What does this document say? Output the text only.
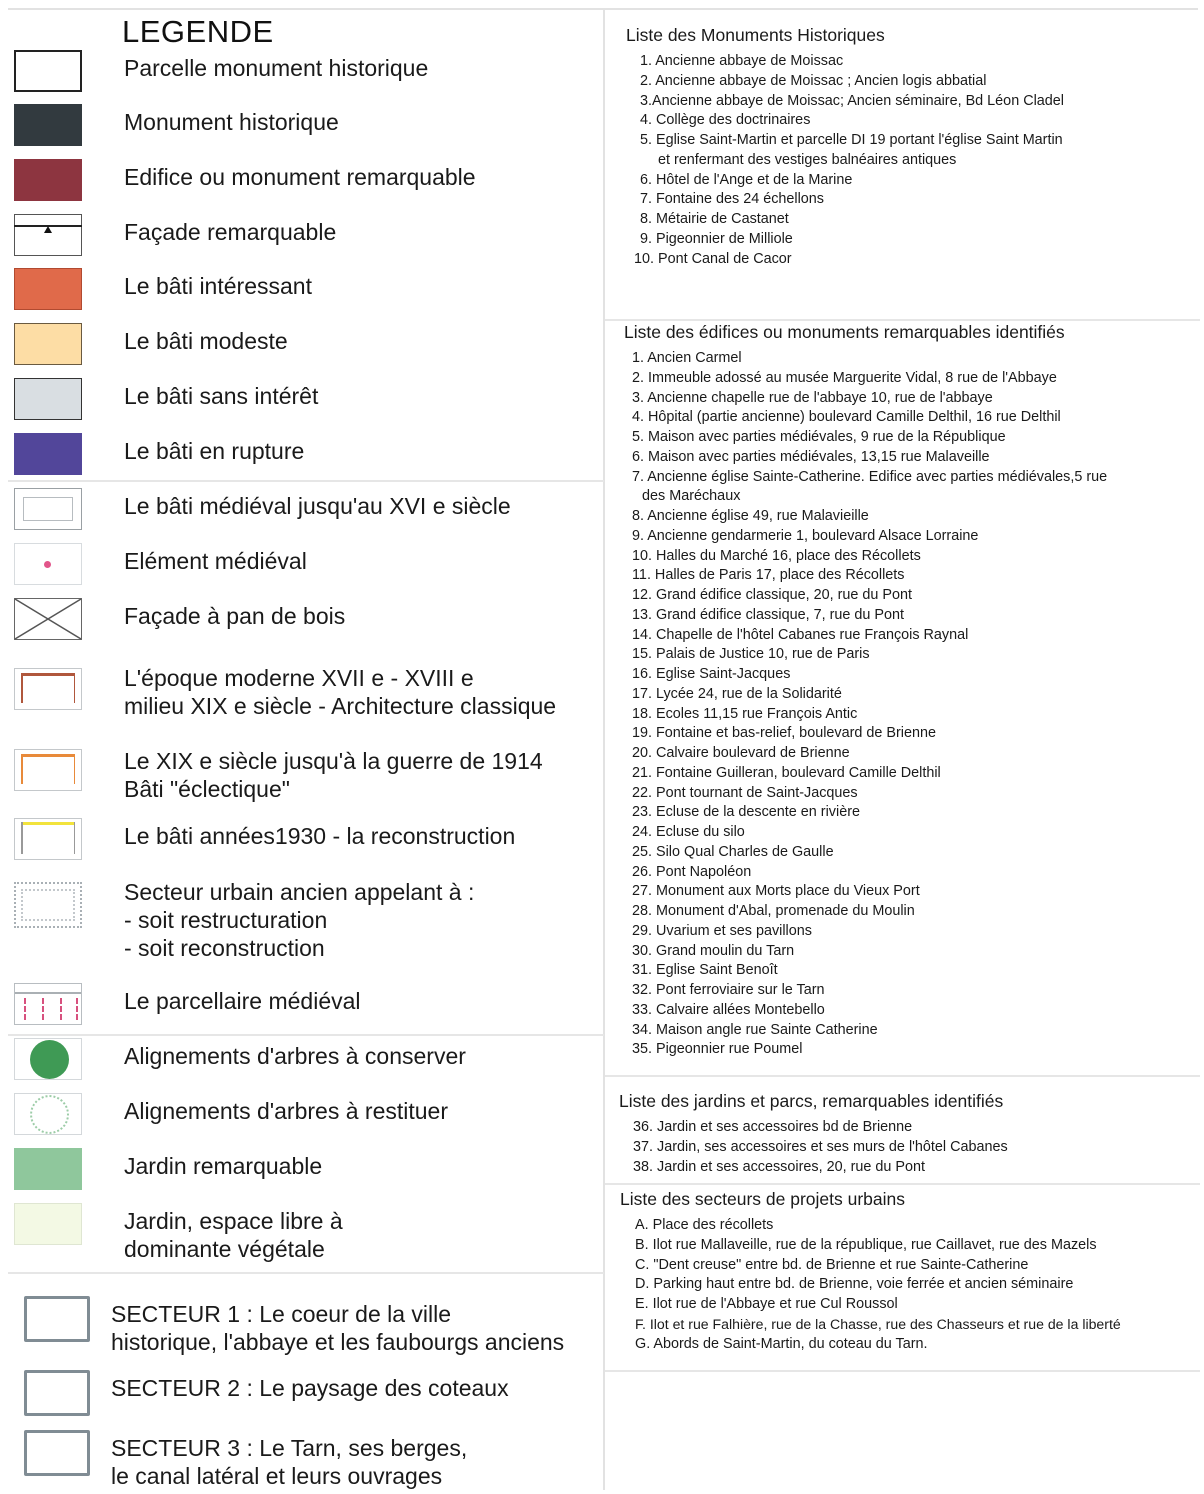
LEGENDE
Parcelle monument historique
Monument historique
Edifice ou monument remarquable
Façade remarquable
Le bâti intéressant
Le bâti modeste
Le bâti sans intérêt
Le bâti en rupture
Le bâti médiéval jusqu'au XVI e siècle
Elément médiéval
Façade à pan de bois
L'époque moderne XVII e - XVIII e
milieu XIX e siècle - Architecture classique
Le XIX e siècle jusqu'à la guerre de 1914
Bâti "éclectique"
Le bâti années1930 - la reconstruction
Secteur urbain ancien appelant à :
- soit restructuration
- soit reconstruction
Le parcellaire médiéval
Alignements d'arbres à conserver
Alignements d'arbres à restituer
Jardin remarquable
Jardin, espace libre à
dominante végétale
SECTEUR 1 : Le coeur de la ville
historique, l'abbaye et les faubourgs anciens
SECTEUR 2 : Le paysage des coteaux
SECTEUR 3 : Le Tarn, ses berges,
le canal latéral et leurs ouvrages
Liste des Monuments Historiques
1. Ancienne abbaye de Moissac
2. Ancienne abbaye de Moissac ; Ancien logis abbatial
3.Ancienne abbaye de Moissac; Ancien séminaire, Bd Léon Cladel
4. Collège des doctrinaires
5. Eglise Saint-Martin et parcelle DI 19 portant l'église Saint Martin
et renfermant des vestiges balnéaires antiques
6. Hôtel de l'Ange et de la Marine
7. Fontaine des 24 échellons
8. Métairie de Castanet
9. Pigeonnier de Milliole
10. Pont Canal de Cacor
Liste des édifices ou monuments remarquables identifiés
1. Ancien Carmel
2. Immeuble adossé au musée Marguerite Vidal, 8 rue de l'Abbaye
3. Ancienne chapelle rue de l'abbaye 10, rue de l'abbaye
4. Hôpital (partie ancienne) boulevard Camille Delthil, 16 rue Delthil
5. Maison avec parties médiévales, 9 rue de la République
6. Maison avec parties médiévales, 13,15 rue Malaveille
7. Ancienne église Sainte-Catherine. Edifice avec parties médiévales,5 rue
des Maréchaux
8. Ancienne église 49, rue Malavieille
9. Ancienne gendarmerie 1, boulevard Alsace Lorraine
10. Halles du Marché 16, place des Récollets
11. Halles de Paris 17, place des Récollets
12. Grand édifice classique, 20, rue du Pont
13. Grand édifice classique, 7, rue du Pont
14. Chapelle de l'hôtel Cabanes rue François Raynal
15. Palais de Justice 10, rue de Paris
16. Eglise Saint-Jacques
17. Lycée 24, rue de la Solidarité
18. Ecoles 11,15 rue François Antic
19. Fontaine et bas-relief, boulevard de Brienne
20. Calvaire boulevard de Brienne
21. Fontaine Guilleran, boulevard Camille Delthil
22. Pont tournant de Saint-Jacques
23. Ecluse de la descente en rivière
24. Ecluse du silo
25. Silo Qual Charles de Gaulle
26. Pont Napoléon
27. Monument aux Morts place du Vieux Port
28. Monument d'Abal, promenade du Moulin
29. Uvarium et ses pavillons
30. Grand moulin du Tarn
31. Eglise Saint Benoît
32. Pont ferroviaire sur le Tarn
33. Calvaire allées Montebello
34. Maison angle rue Sainte Catherine
35. Pigeonnier rue Poumel
Liste des jardins et parcs, remarquables identifiés
36. Jardin et ses accessoires bd de Brienne
37. Jardin, ses accessoires et ses murs de l'hôtel Cabanes
38. Jardin et ses accessoires, 20, rue du Pont
Liste des secteurs de projets urbains
A. Place des récollets
B. Ilot rue Mallaveille, rue de la république, rue Caillavet, rue des Mazels
C. "Dent creuse" entre bd. de Brienne et rue Sainte-Catherine
D. Parking haut entre bd. de Brienne, voie ferrée et ancien séminaire
E. Ilot rue de l'Abbaye et rue Cul Roussol
F. Ilot et rue Falhière, rue de la Chasse, rue des Chasseurs et rue de la liberté
G. Abords de Saint-Martin, du coteau du Tarn.
